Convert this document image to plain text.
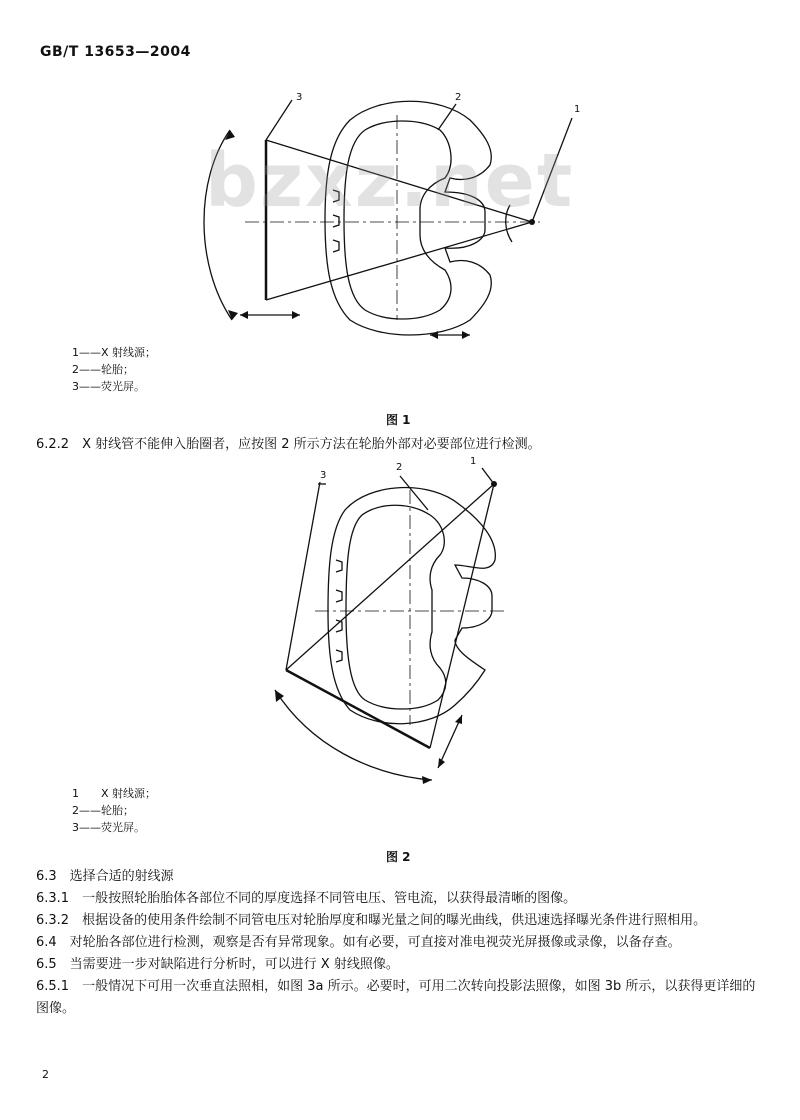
GB/T 13653—2004
3	2
1
bzxz.net
1——X 射线源；
2——轮胎；
3——荧光屏。
图 1
6.2.2　X 射线管不能伸入胎圈者，应按图 2 所示方法在轮胎外部对必要部位进行检测。
3
2
1
1　　X 射线源；
2——轮胎；
3——荧光屏。
图 2

6.3　选择合适的射线源

6.3.1　一般按照轮胎胎体各部位不同的厚度选择不同管电压、管电流，以获得最清晰的图像。

6.3.2　根据设备的使用条件绘制不同管电压对轮胎厚度和曝光量之间的曝光曲线，供迅速选择曝光条件进行照相用。

6.4　对轮胎各部位进行检测，观察是否有异常现象。如有必要，可直接对准电视荧光屏摄像或录像，以备存查。

6.5　当需要进一步对缺陷进行分析时，可以进行 X 射线照像。

6.5.1　一般情况下可用一次垂直法照相，如图 3a 所示。必要时，可用二次转向投影法照像，如图 3b 所示，以获得更详细的图像。

2
